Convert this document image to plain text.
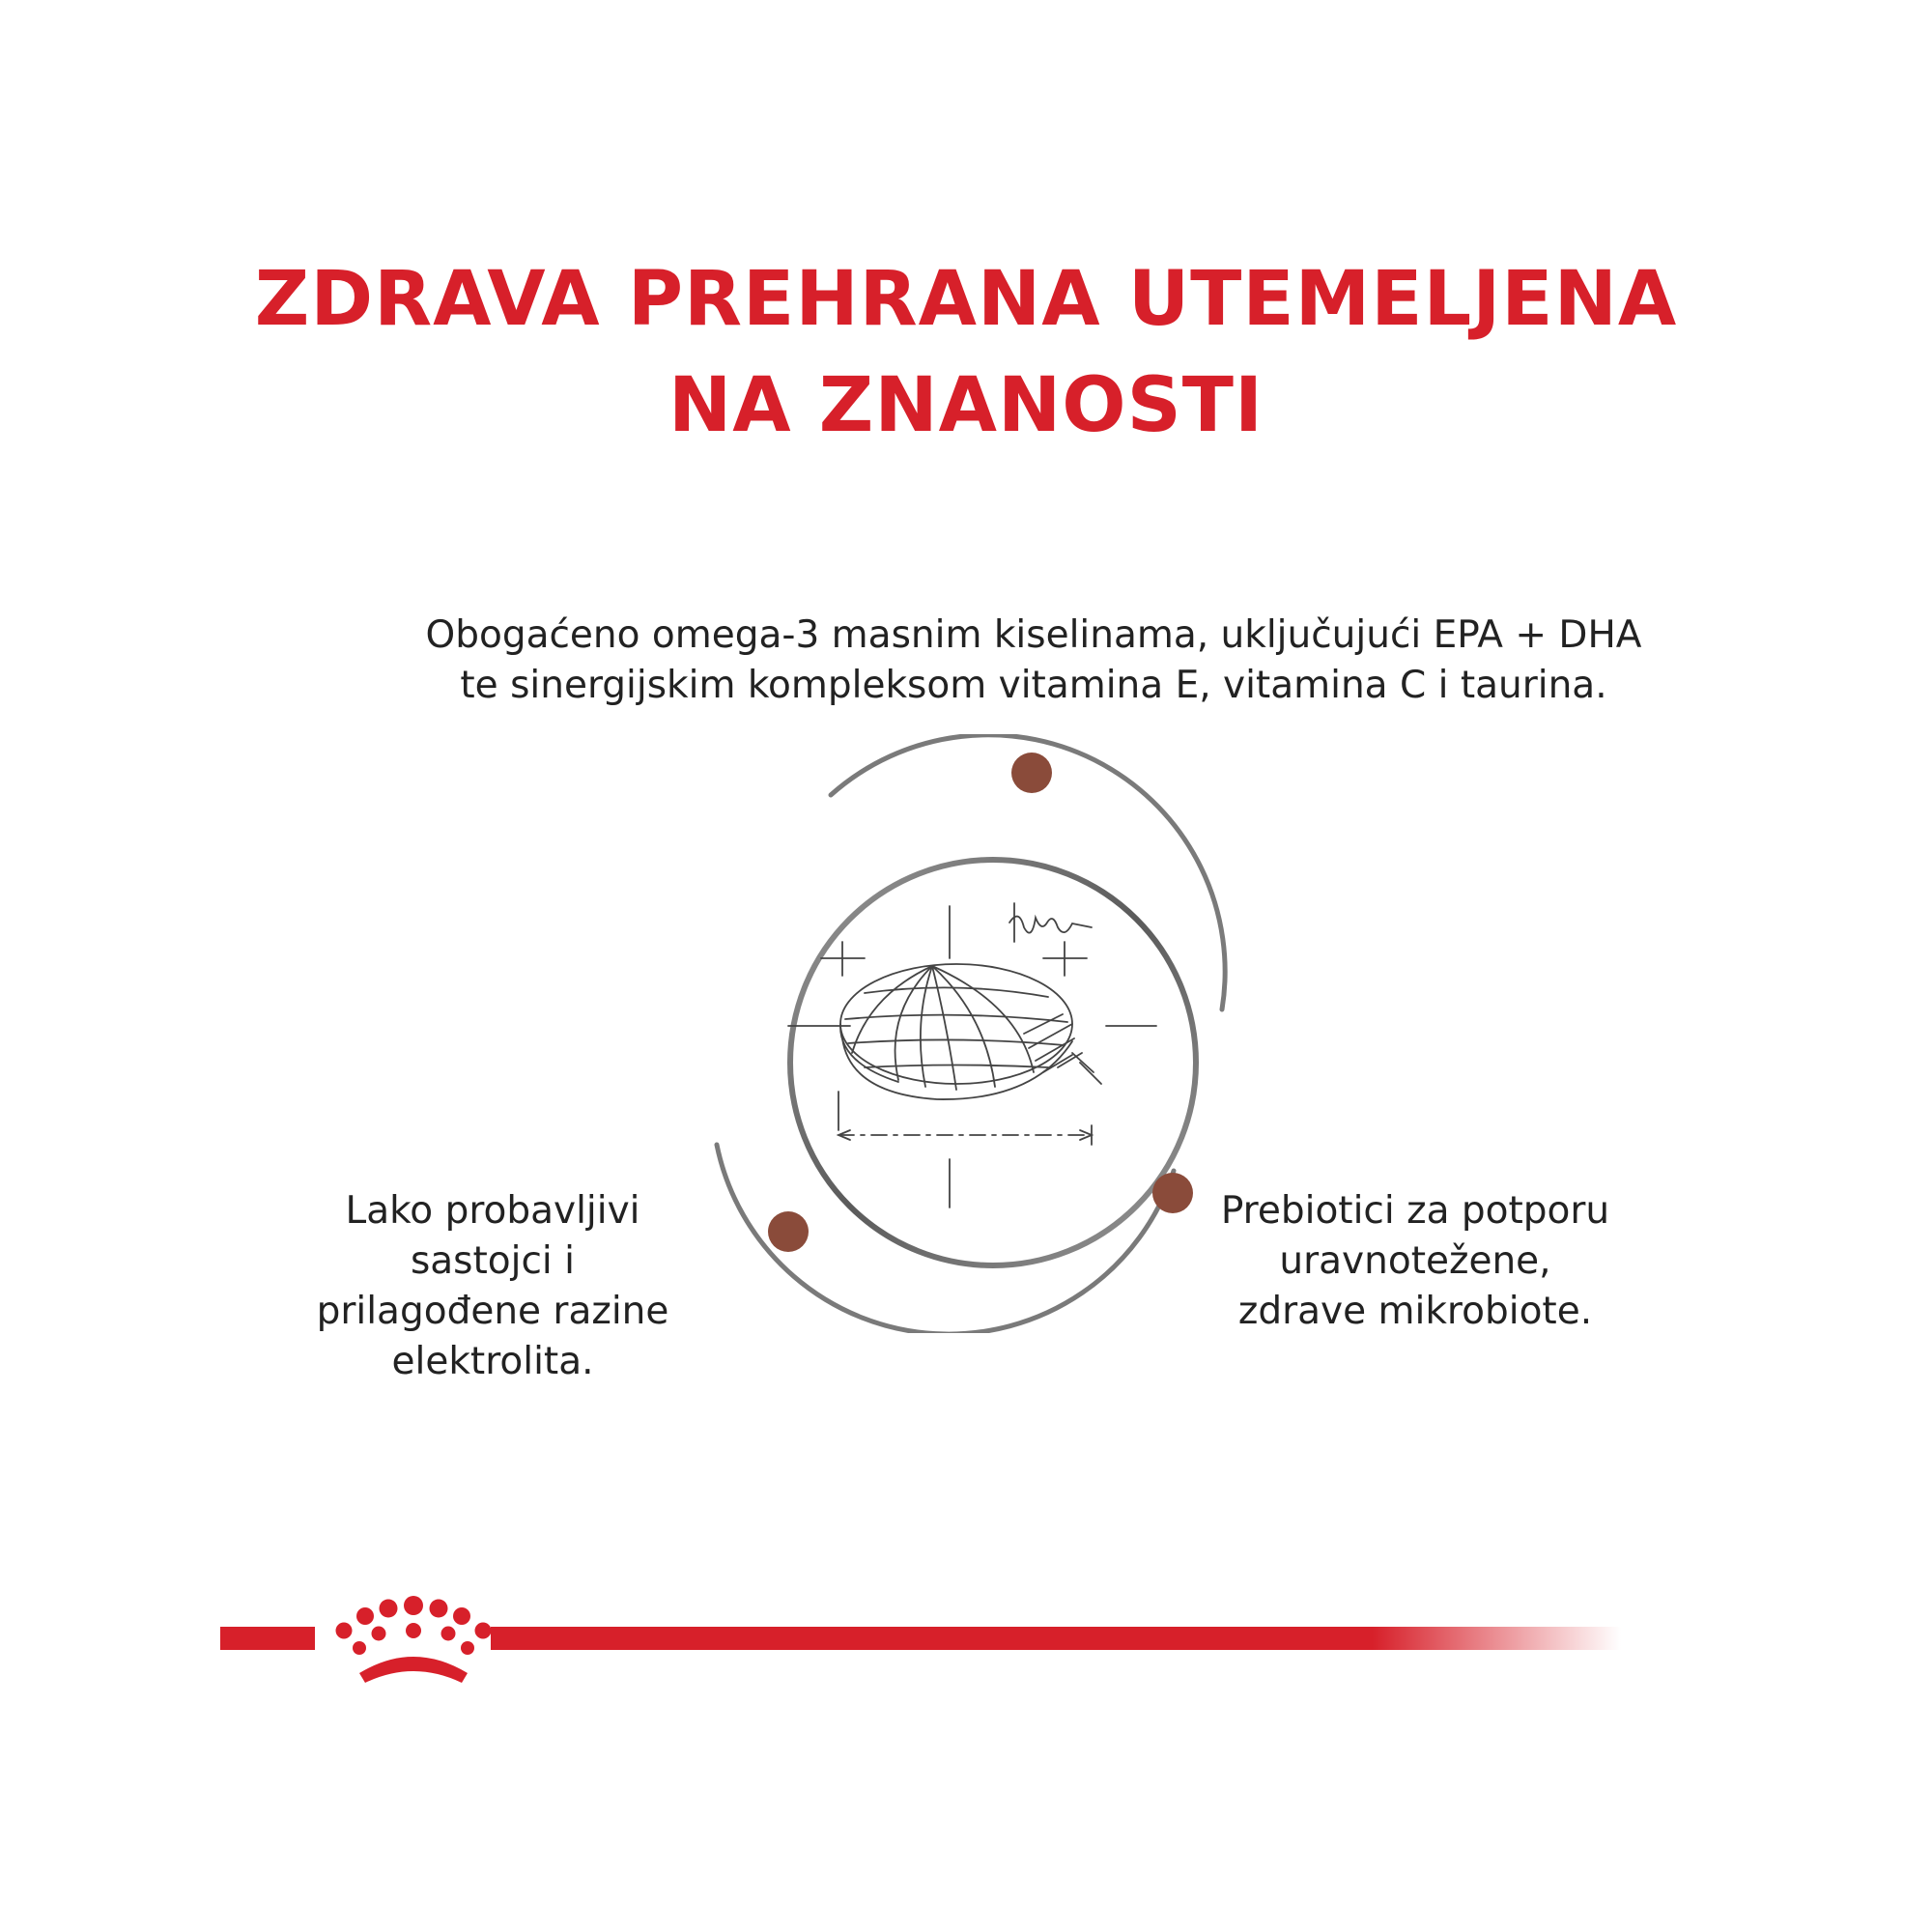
ZDRAVA PREHRANA UTEMELJENA
NA ZNANOSTI

Obogaćeno omega-3 masnim kiselinama, uključujući EPA + DHA
te sinergijskim kompleksom vitamina E, vitamina C i taurina.

Lako probavljivi
sastojci i
prilagođene razine
elektrolita.

Prebiotici za potporu
uravnotežene,
zdrave mikrobiote.
